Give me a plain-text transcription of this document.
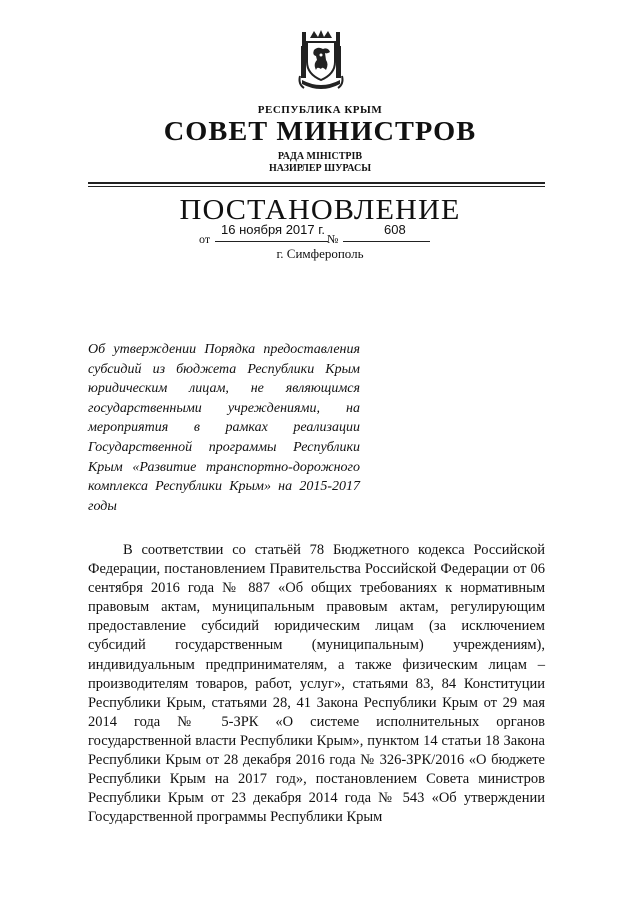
РЕСПУБЛИКА КРЫМ
СОВЕТ МИНИСТРОВ
РАДА МІНІСТРІВ
НАЗИРЛЕР ШУРАСЫ
ПОСТАНОВЛЕНИЕ
от
16 ноября 2017 г.
№
608
г. Симферополь
Об утверждении Порядка предоставления субсидий из бюджета Республики Крым юридическим лицам, не являющимся государственными учреждениями, на мероприятия в рамках реализации Государственной программы Республики Крым «Развитие транспортно-дорожного комплекса Республики Крым» на 2015-2017 годы
В соответствии со статьёй 78 Бюджетного кодекса Российской Федерации, постановлением Правительства Российской Федерации от 06 сентября 2016 года № 887 «Об общих требованиях к нормативным правовым актам, муниципальным правовым актам, регулирующим предоставление субсидий юридическим лицам (за исключением субсидий государственным (муниципальным) учреждениям), индивидуальным предпринимателям, а также физическим лицам – производителям товаров, работ, услуг», статьями 83, 84 Конституции Республики Крым, статьями 28, 41 Закона Республики Крым от 29 мая 2014 года № 5-ЗРК «О системе исполнительных органов государственной власти Республики Крым», пунктом 14 статьи 18 Закона Республики Крым от 28 декабря 2016 года № 326-ЗРК/2016 «О бюджете Республики Крым на 2017 год», постановлением Совета министров Республики Крым от 23 декабря 2014 года № 543 «Об утверждении Государственной программы Республики Крым
